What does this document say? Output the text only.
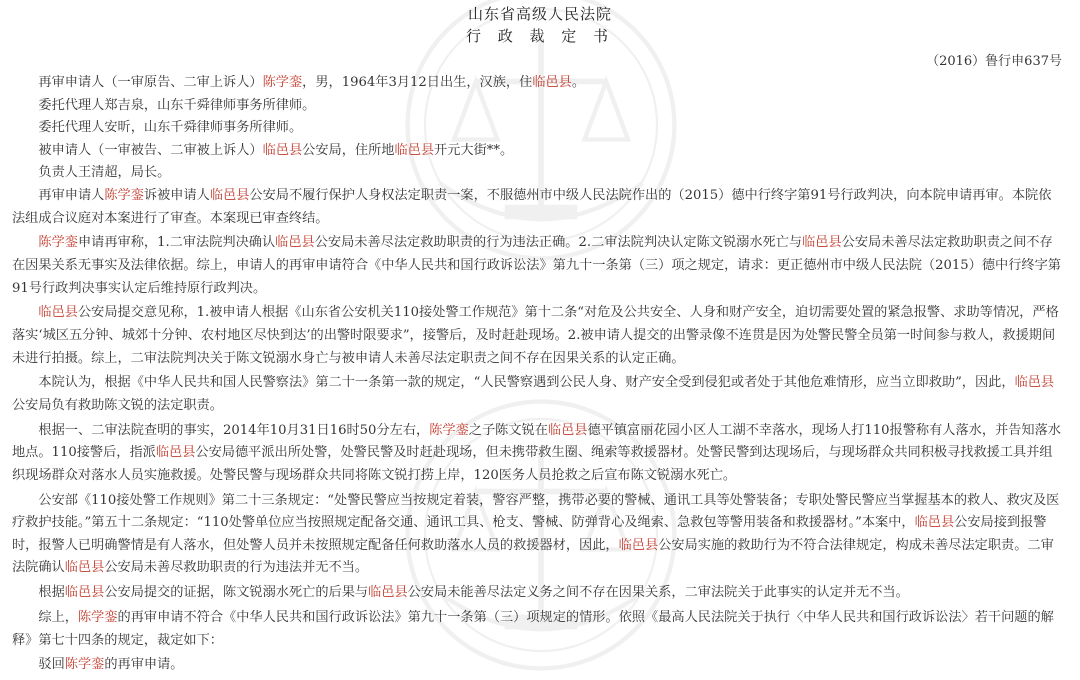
山东省高级人民法院
行 政 裁 定 书
（2016）鲁行申637号

再审申请人（一审原告、二审上诉人）陈学銮，男，1964年3月12日出生，汉族，住临邑县。

委托代理人郑吉泉，山东千舜律师事务所律师。

委托代理人安昕，山东千舜律师事务所律师。

被申请人（一审被告、二审被上诉人）临邑县公安局，住所地临邑县开元大街**。

负责人王清超，局长。

再审申请人陈学銮诉被申请人临邑县公安局不履行保护人身权法定职责一案，不服德州市中级人民法院作出的（2015）德中行终字第91号行政判决，向本院申请再审。本院依法组成合议庭对本案进行了审查。本案现已审查终结。

陈学銮申请再审称，1.二审法院判决确认临邑县公安局未善尽法定救助职责的行为违法正确。2.二审法院判决认定陈文锐溺水死亡与临邑县公安局未善尽法定救助职责之间不存在因果关系无事实及法律依据。综上，申请人的再审申请符合《中华人民共和国行政诉讼法》第九十一条第（三）项之规定，请求：更正德州市中级人民法院（2015）德中行终字第91号行政判决事实认定后维持原行政判决。

临邑县公安局提交意见称，1.被申请人根据《山东省公安机关110接处警工作规范》第十二条“对危及公共安全、人身和财产安全，迫切需要处置的紧急报警、求助等情况，严格落实‘城区五分钟、城郊十分钟、农村地区尽快到达’的出警时限要求”，接警后，及时赶赴现场。2.被申请人提交的出警录像不连贯是因为处警民警全员第一时间参与救人，救援期间未进行拍摄。综上，二审法院判决关于陈文锐溺水身亡与被申请人未善尽法定职责之间不存在因果关系的认定正确。

本院认为，根据《中华人民共和国人民警察法》第二十一条第一款的规定，“人民警察遇到公民人身、财产安全受到侵犯或者处于其他危难情形，应当立即救助”，因此，临邑县公安局负有救助陈文锐的法定职责。

根据一、二审法院查明的事实，2014年10月31日16时50分左右，陈学銮之子陈文锐在临邑县德平镇富丽花园小区人工湖不幸落水，现场人打110报警称有人落水，并告知落水地点。110接警后，指派临邑县公安局德平派出所处警，处警民警及时赶赴现场，但未携带救生圈、绳索等救援器材。处警民警到达现场后，与现场群众共同积极寻找救援工具并组织现场群众对落水人员实施救援。处警民警与现场群众共同将陈文锐打捞上岸，120医务人员抢救之后宣布陈文锐溺水死亡。

公安部《110接处警工作规则》第二十三条规定：“处警民警应当按规定着装，警容严整，携带必要的警械、通讯工具等处警装备；专职处警民警应当掌握基本的救人、救灾及医疗救护技能。”第五十二条规定：“110处警单位应当按照规定配备交通、通讯工具、枪支、警械、防弹背心及绳索、急救包等警用装备和救援器材。”本案中，临邑县公安局接到报警时，报警人已明确警情是有人落水，但处警人员并未按照规定配备任何救助落水人员的救援器材，因此，临邑县公安局实施的救助行为不符合法律规定，构成未善尽法定职责。二审法院确认临邑县公安局未善尽救助职责的行为违法并无不当。

根据临邑县公安局提交的证据，陈文锐溺水死亡的后果与临邑县公安局未能善尽法定义务之间不存在因果关系，二审法院关于此事实的认定并无不当。

综上，陈学銮的再审申请不符合《中华人民共和国行政诉讼法》第九十一条第（三）项规定的情形。依照《最高人民法院关于执行〈中华人民共和国行政诉讼法〉若干问题的解释》第七十四条的规定，裁定如下：

驳回陈学銮的再审申请。
